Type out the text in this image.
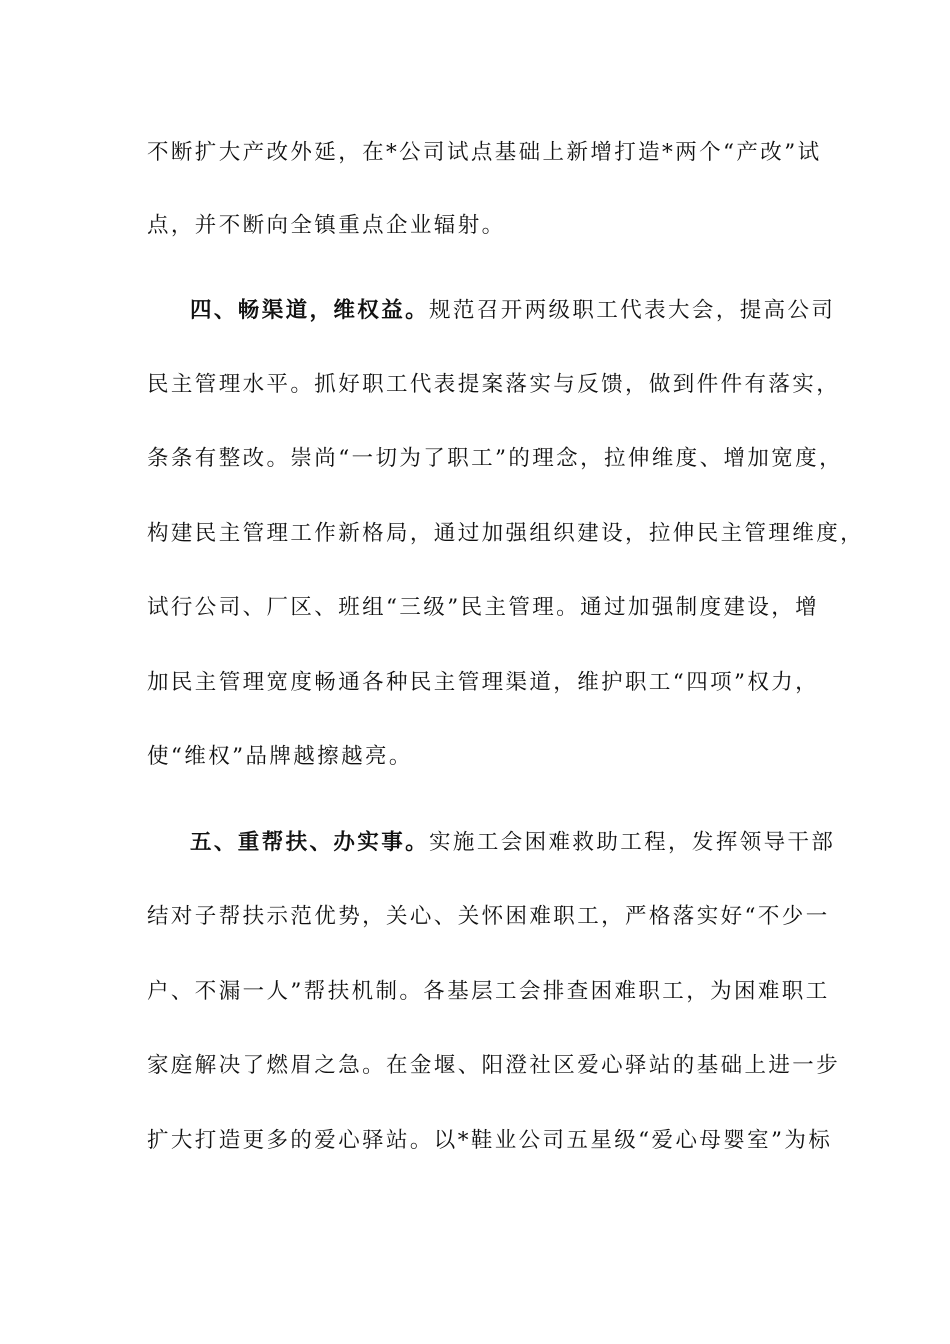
不断扩大产改外延，在*公司试点基础上新增打造*两个“产改”试
点，并不断向全镇重点企业辐射。
四、畅渠道，维权益。规范召开两级职工代表大会，提高公司
民主管理水平。抓好职工代表提案落实与反馈，做到件件有落实，
条条有整改。崇尚“一切为了职工”的理念，拉伸维度、增加宽度，
构建民主管理工作新格局，通过加强组织建设，拉伸民主管理维度，
试行公司、厂区、班组“三级”民主管理。通过加强制度建设，增
加民主管理宽度畅通各种民主管理渠道，维护职工“四项”权力，
使“维权”品牌越擦越亮。
五、重帮扶、办实事。实施工会困难救助工程，发挥领导干部
结对子帮扶示范优势，关心、关怀困难职工，严格落实好“不少一
户、不漏一人”帮扶机制。各基层工会排查困难职工，为困难职工
家庭解决了燃眉之急。在金堰、阳澄社区爱心驿站的基础上进一步
扩大打造更多的爱心驿站。以*鞋业公司五星级“爱心母婴室”为标
